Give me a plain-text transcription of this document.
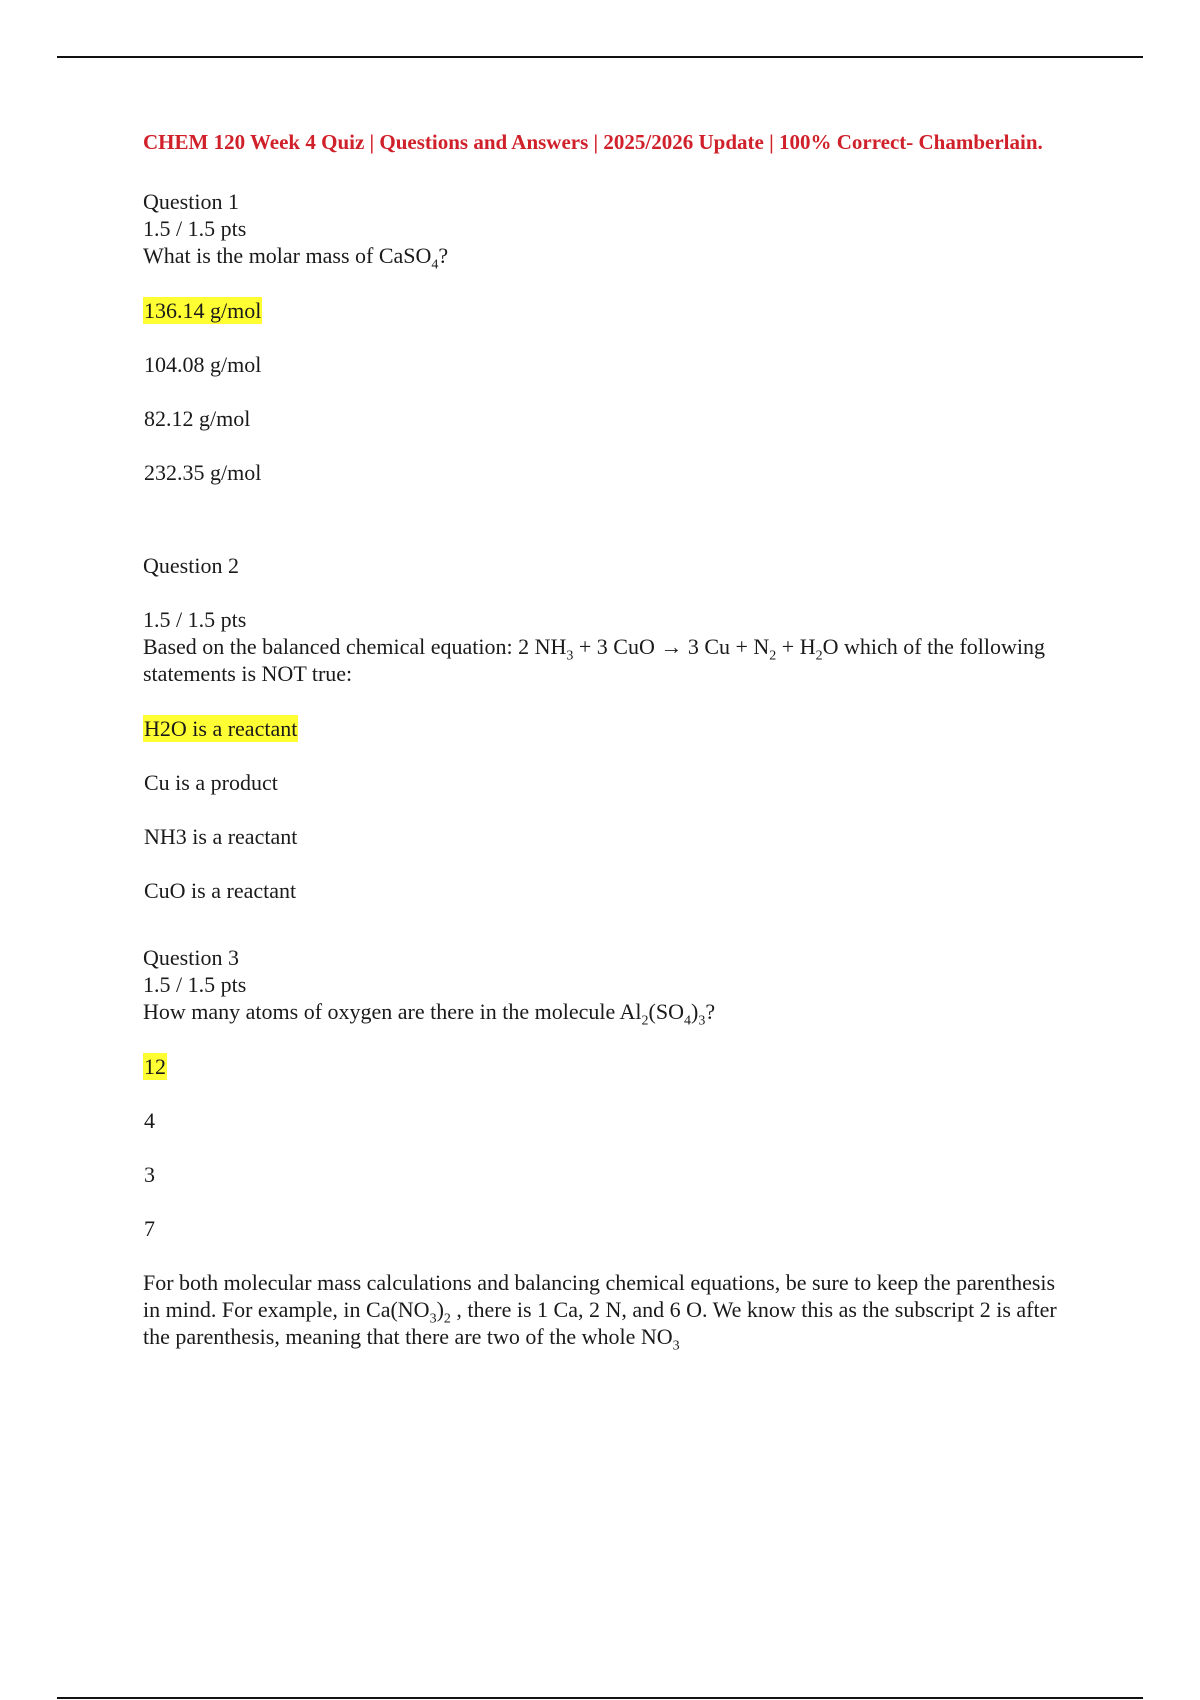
CHEM 120 Week 4 Quiz | Questions and Answers | 2025/2026 Update | 100% Correct- Chamberlain.
Question 1
1.5 / 1.5 pts
What is the molar mass of CaSO$_4$?
136.14 g/mol
104.08 g/mol
82.12 g/mol
232.35 g/mol
Question 2
1.5 / 1.5 pts
Based on the balanced chemical equation: 2 $NH_3 + 3$ CuO → 3 $Cu + N_2 + H_2O$ which of the following statements is NOT true:
H2O is a reactant
Cu is a product
NH3 is a reactant
CuO is a reactant
Question 3
1.5 / 1.5 pts
How many atoms of oxygen are there in the molecule $Al_2(SO_4)_3$?
12
4
3
7
For both molecular mass calculations and balancing chemical equations, be sure to keep the parenthesis in mind. For example, in $Ca(NO_3)_2$ , there is 1 Ca, 2 N, and 6 O. We know this as the subscript 2 is after the parenthesis, meaning that there are two of the whole $NO_3$
